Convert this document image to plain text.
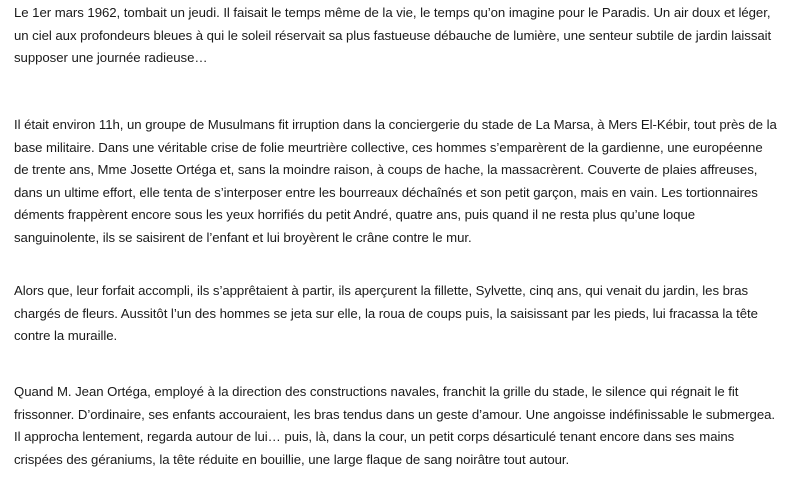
Le 1er mars 1962, tombait un jeudi. Il faisait le temps même de la vie, le temps qu’on imagine pour le Paradis. Un air doux et léger, un ciel aux profondeurs bleues à qui le soleil réservait sa plus fastueuse débauche de lumière, une senteur subtile de jardin laissait supposer une journée radieuse…

Il était environ 11h, un groupe de Musulmans fit irruption dans la conciergerie du stade de La Marsa, à Mers El-Kébir, tout près de la base militaire. Dans une véritable crise de folie meurtrière collective, ces hommes s’emparèrent de la gardienne, une européenne de trente ans, Mme Josette Ortéga et, sans la moindre raison, à coups de hache, la massacrèrent. Couverte de plaies affreuses, dans un ultime effort, elle tenta de s’interposer entre les bourreaux déchaînés et son petit garçon, mais en vain. Les tortionnaires déments frappèrent encore sous les yeux horrifiés du petit André, quatre ans, puis quand il ne resta plus qu’une loque sanguinolente, ils se saisirent de l’enfant et lui broyèrent le crâne contre le mur.

Alors que, leur forfait accompli, ils s’apprêtaient à partir, ils aperçurent la fillette, Sylvette, cinq ans, qui venait du jardin, les bras chargés de fleurs. Aussitôt l’un des hommes se jeta sur elle, la roua de coups puis, la saisissant par les pieds, lui fracassa la tête contre la muraille.

Quand M. Jean Ortéga, employé à la direction des constructions navales, franchit la grille du stade, le silence qui régnait le fit frissonner. D’ordinaire, ses enfants accouraient, les bras tendus dans un geste d’amour. Une angoisse indéfinissable le submergea. Il approcha lentement, regarda autour de lui… puis, là, dans la cour, un petit corps désarticulé tenant encore dans ses mains crispées des géraniums, la tête réduite en bouillie, une large flaque de sang noirâtre tout autour.
